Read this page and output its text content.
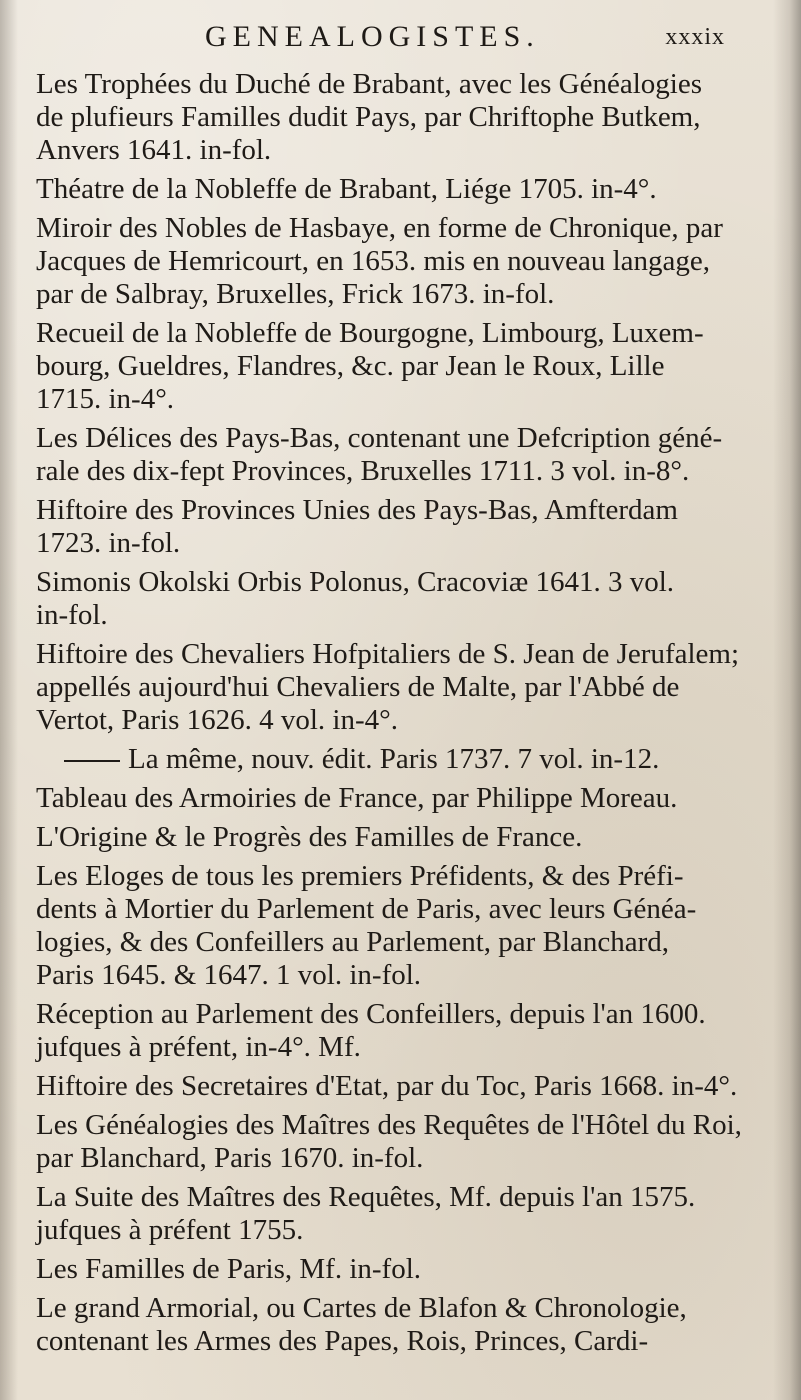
GENEALOGISTES.	xxxix
Les Trophées du Duché de Brabant, avec les Généalogies
de plufieurs Familles dudit Pays, par Chriftophe Butkem,
Anvers 1641. in-fol.
Théatre de la Nobleffe de Brabant, Liége 1705. in-4°.
Miroir des Nobles de Hasbaye, en forme de Chronique, par
Jacques de Hemricourt, en 1653. mis en nouveau langage,
par de Salbray, Bruxelles, Frick 1673. in-fol.
Recueil de la Nobleffe de Bourgogne, Limbourg, Luxem-
bourg, Gueldres, Flandres, &c. par Jean le Roux, Lille
1715. in-4°.
Les Délices des Pays-Bas, contenant une Defcription géné-
rale des dix-fept Provinces, Bruxelles 1711. 3 vol. in-8°.
Hiftoire des Provinces Unies des Pays-Bas, Amfterdam
1723. in-fol.
Simonis Okolski Orbis Polonus, Cracoviæ 1641. 3 vol.
in-fol.
Hiftoire des Chevaliers Hofpitaliers de S. Jean de Jerufalem;
appellés aujourd'hui Chevaliers de Malte, par l'Abbé de
Vertot, Paris 1626. 4 vol. in-4°.
La même, nouv. édit. Paris 1737. 7 vol. in-12.
Tableau des Armoiries de France, par Philippe Moreau.
L'Origine & le Progrès des Familles de France.
Les Eloges de tous les premiers Préfidents, & des Préfi-
dents à Mortier du Parlement de Paris, avec leurs Généa-
logies, & des Confeillers au Parlement, par Blanchard,
Paris 1645. & 1647. 1 vol. in-fol.
Réception au Parlement des Confeillers, depuis l'an 1600.
jufques à préfent, in-4°. Mf.
Hiftoire des Secretaires d'Etat, par du Toc, Paris 1668. in-4°.
Les Généalogies des Maîtres des Requêtes de l'Hôtel du Roi,
par Blanchard, Paris 1670. in-fol.
La Suite des Maîtres des Requêtes, Mf. depuis l'an 1575.
jufques à préfent 1755.
Les Familles de Paris, Mf. in-fol.
Le grand Armorial, ou Cartes de Blafon & Chronologie,
contenant les Armes des Papes, Rois, Princes, Cardi-
